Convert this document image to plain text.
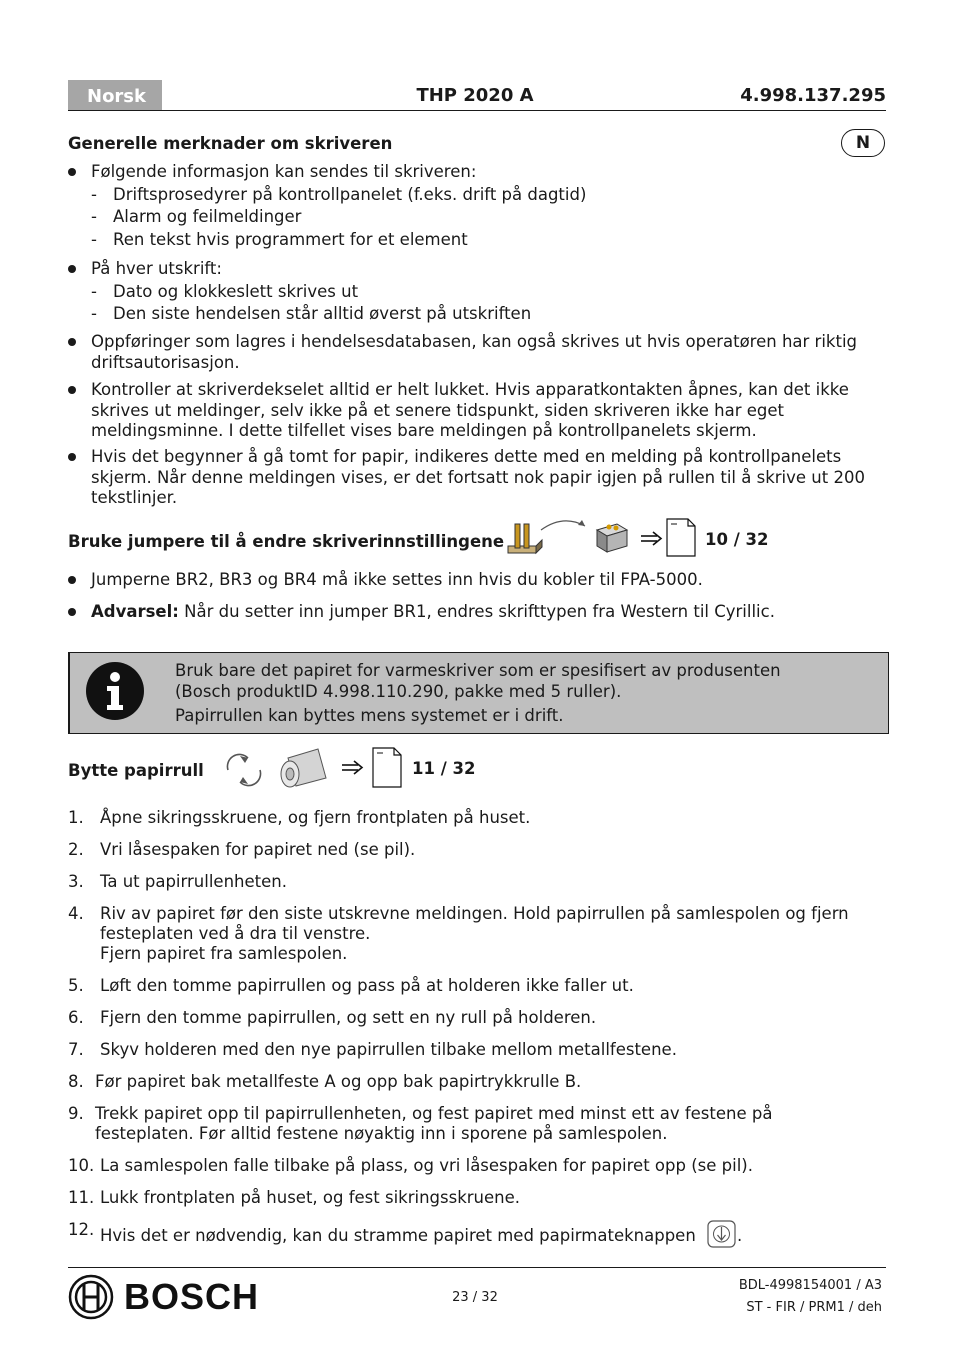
Norsk	THP 2020 A	4.998.137.295
Generelle merknader om skriveren	N
Følgende informasjon kan sendes til skriveren:
- Driftsprosedyrer på kontrollpanelet (f.eks. drift på dagtid)
- Alarm og feilmeldinger
- Ren tekst hvis programmert for et element
På hver utskrift:
- Dato og klokkeslett skrives ut
- Den siste hendelsen står alltid øverst på utskriften
Oppføringer som lagres i hendelsesdatabasen, kan også skrives ut hvis operatøren har riktig
driftsautorisasjon.
Kontroller at skriverdekselet alltid er helt lukket. Hvis apparatkontakten åpnes, kan det ikke
skrives ut meldinger, selv ikke på et senere tidspunkt, siden skriveren ikke har eget
meldingsminne. I dette tilfellet vises bare meldingen på kontrollpanelets skjerm.
Hvis det begynner å gå tomt for papir, indikeres dette med en melding på kontrollpanelets
skjerm. Når denne meldingen vises, er det fortsatt nok papir igjen på rullen til å skrive ut 200
tekstlinjer.
Bruke jumpere til å endre skriverinnstillingene	10 / 32
Jumperne BR2, BR3 og BR4 må ikke settes inn hvis du kobler til FPA-5000.
Advarsel: Når du setter inn jumper BR1, endres skrifttypen fra Western til Cyrillic.
Bruk bare det papiret for varmeskriver som er spesifisert av produsenten
(Bosch produktID 4.998.110.290, pakke med 5 ruller).
Papirrullen kan byttes mens systemet er i drift.
Bytte papirrull	11 / 32
1. Åpne sikringsskruene, og fjern frontplaten på huset.
2. Vri låsespaken for papiret ned (se pil).
3. Ta ut papirrullenheten.
4. Riv av papiret før den siste utskrevne meldingen. Hold papirrullen på samlespolen og fjern
festeplaten ved å dra til venstre.
Fjern papiret fra samlespolen.
5. Løft den tomme papirrullen og pass på at holderen ikke faller ut.
6. Fjern den tomme papirrullen, og sett en ny rull på holderen.
7. Skyv holderen med den nye papirrullen tilbake mellom metallfestene.
8. Før papiret bak metallfeste A og opp bak papirtrykkrulle B.
9. Trekk papiret opp til papirrullenheten, og fest papiret med minst ett av festene på
festeplaten. Før alltid festene nøyaktig inn i sporene på samlespolen.
10. La samlespolen falle tilbake på plass, og vri låsespaken for papiret opp (se pil).
11. Lukk frontplaten på huset, og fest sikringsskruene.
12. Hvis det er nødvendig, kan du stramme papiret med papirmateknappen	.
BOSCH	23 / 32
BDL-4998154001 / A3
ST - FIR / PRM1 / deh
